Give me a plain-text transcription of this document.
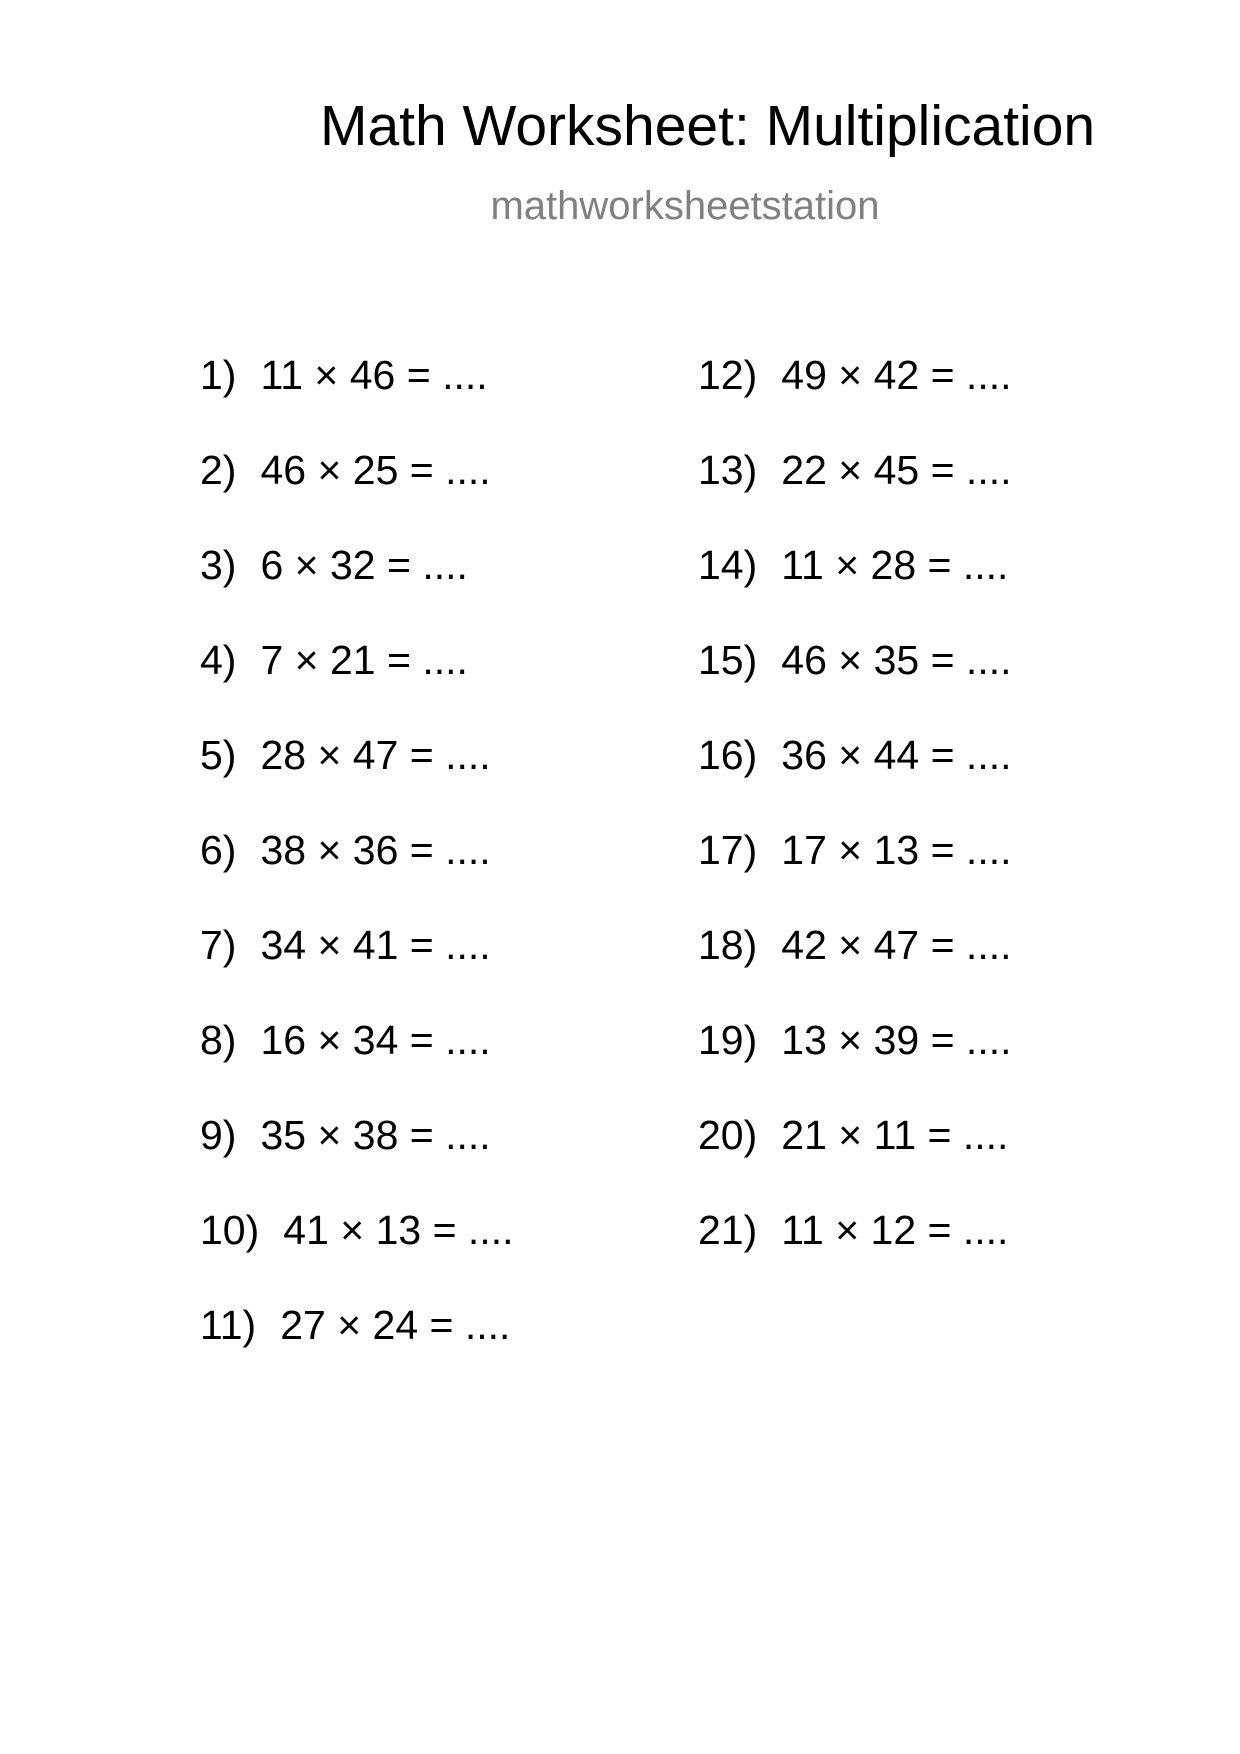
Math Worksheet: Multiplication
mathworksheetstation
1) 11 × 46 = ....
2) 46 × 25 = ....
3) 6 × 32 = ....
4) 7 × 21 = ....
5) 28 × 47 = ....
6) 38 × 36 = ....
7) 34 × 41 = ....
8) 16 × 34 = ....
9) 35 × 38 = ....
10) 41 × 13 = ....
11) 27 × 24 = ....
12) 49 × 42 = ....
13) 22 × 45 = ....
14) 11 × 28 = ....
15) 46 × 35 = ....
16) 36 × 44 = ....
17) 17 × 13 = ....
18) 42 × 47 = ....
19) 13 × 39 = ....
20) 21 × 11 = ....
21) 11 × 12 = ....
